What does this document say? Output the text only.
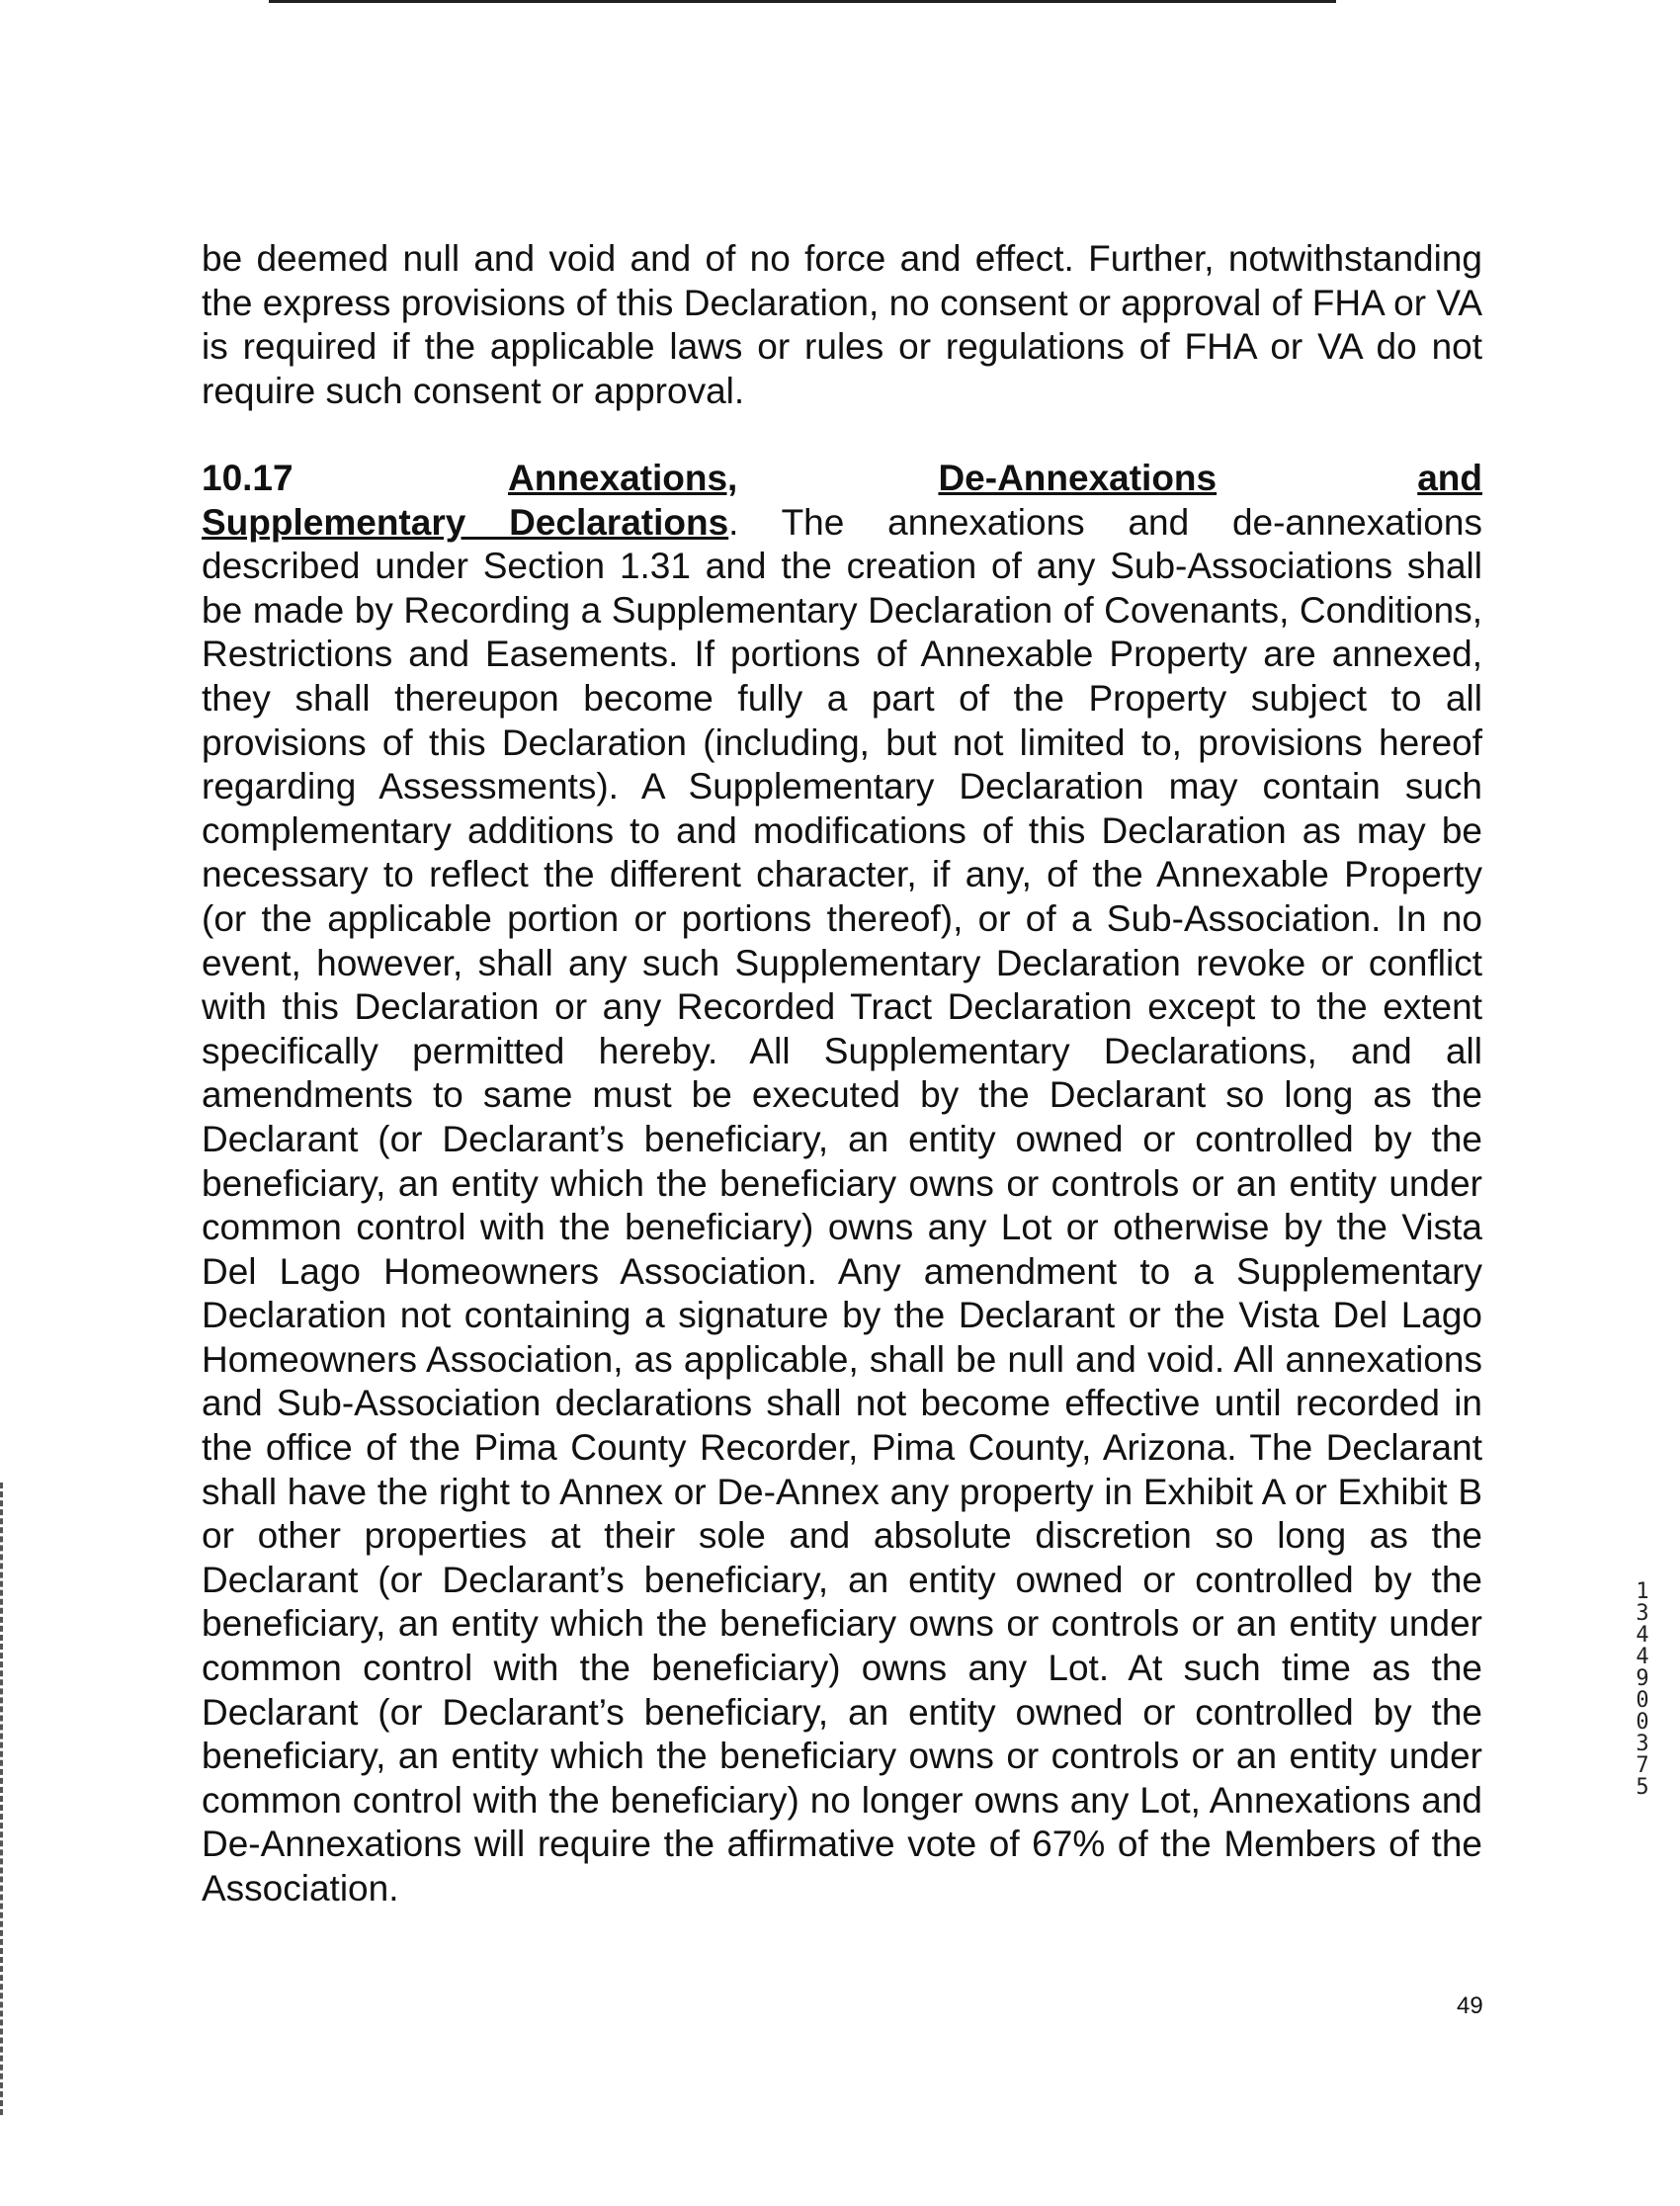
be deemed null and void and of no force and effect. Further, notwithstanding the express provisions of this Declaration, no consent or approval of FHA or VA is required if the applicable laws or rules or regulations of FHA or VA do not require such consent or approval.
10.17	Annexations,	De-Annexations	and
Supplementary Declarations. The annexations and de-annexations described under Section 1.31 and the creation of any Sub-Associations shall be made by Recording a Supplementary Declaration of Covenants, Conditions, Restrictions and Easements. If portions of Annexable Property are annexed, they shall thereupon become fully a part of the Property subject to all provisions of this Declaration (including, but not limited to, provisions hereof regarding Assessments). A Supplementary Declaration may contain such complementary additions to and modifications of this Declaration as may be necessary to reflect the different character, if any, of the Annexable Property (or the applicable portion or portions thereof), or of a Sub-Association. In no event, however, shall any such Supplementary Declaration revoke or conflict with this Declaration or any Recorded Tract Declaration except to the extent specifically permitted hereby. All Supplementary Declarations, and all amendments to same must be executed by the Declarant so long as the Declarant (or Declarant’s beneficiary, an entity owned or controlled by the beneficiary, an entity which the beneficiary owns or controls or an entity under common control with the beneficiary) owns any Lot or otherwise by the Vista Del Lago Homeowners Association. Any amendment to a Supplementary Declaration not containing a signature by the Declarant or the Vista Del Lago Homeowners Association, as applicable, shall be null and void. All annexations and Sub-Association declarations shall not become effective until recorded in the office of the Pima County Recorder, Pima County, Arizona. The Declarant shall have the right to Annex or De-Annex any property in Exhibit A or Exhibit B or other properties at their sole and absolute discretion so long as the Declarant (or Declarant’s beneficiary, an entity owned or controlled by the beneficiary, an entity which the beneficiary owns or controls or an entity under common control with the beneficiary) owns any Lot. At such time as the Declarant (or Declarant’s beneficiary, an entity owned or controlled by the beneficiary, an entity which the beneficiary owns or controls or an entity under common control with the beneficiary) no longer owns any Lot, Annexations and De-Annexations will require the affirmative vote of 67% of the Members of the Association.
49
13449 00375
